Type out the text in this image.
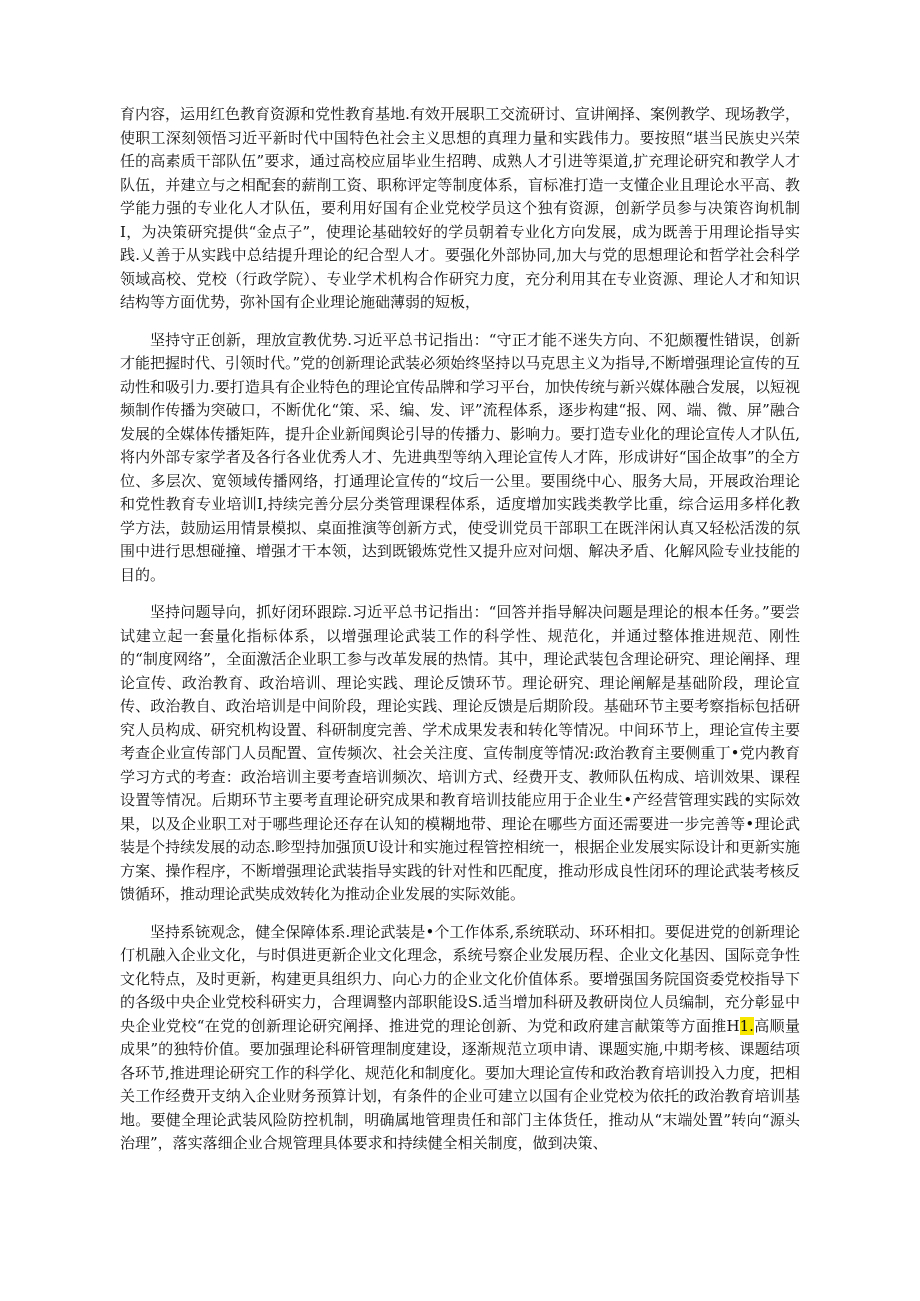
育内容，运用红色教育资源和党性教育基地.有效开展职工交流研讨、宣讲阐择、案例教学、现场教学，使职工深刻领悟习近平新时代中国特色社会主义思想的真理力量和实践伟力。要按照“堪当民族史兴荣任的高素质干部队伍”要求，通过高校应届毕业生招聘、成熟人才引进等渠道,扩充理论研究和教学人才队伍，并建立与之相配套的薪削工资、职称评定等制度体系，盲标准打造一支懂企业且理论水平高、教学能力强的专业化人才队伍，要利用好国有企业党校学员这个独有资源，创新学员参与决策咨询机制I，为决策研究提供“金点子”，使理论基础较好的学员朝着专业化方向发展，成为既善于用理论指导实践.乂善于从实践中总结提升理论的纪合型人才。要强化外部协同,加大与党的思想理论和哲学社会科学领域高校、党校（行政学院）、专业学术机构合作研究力度，充分利用其在专业资源、理论人才和知识结构等方面优势，弥补国有企业理论施础薄弱的短板，

坚持守正创新，理放宣教优势.习近平总书记指出：“守正才能不迷失方向、不犯颇覆性错误，创新才能把握时代、引领时代。”党的创新理论武装必须始终坚持以马克思主义为指导,不断增强理论宣传的互动性和吸引力.要打造具有企业特色的理论宜传品牌和学习平台，加快传统与新兴媒体融合发展，以短视频制作传播为突破口，不断优化“策、采、编、发、评”流程体系，逐步构建“报、网、端、微、屏”融合发展的全媒体传播矩阵，提升企业新闻舆论引导的传播力、影响力。要打造专业化的理论宣传人才队伍,将内外部专家学者及各行各业优秀人才、先进典型等纳入理论宣传人才阵，形成讲好“国企故事”的全方位、多层次、宽领域传播网络，打通理论宣传的“坟后一公里。要围绕中心、服务大局，开展政治理论和党性教育专业培训I,持续完善分层分类管理课程体系，适度增加实践类教学比重，综合运用多样化教学方法，鼓励运用情景模拟、桌面推演等创新方式，使受训党员干部职工在既泮闲认真又轻松活泼的氛围中进行思想碰撞、增强才干本领，达到既锻炼党性又提升应对问烟、解决矛盾、化解风险专业技能的目的。

坚持问题导向，抓好闭环跟踪.习近平总书记指出：“回答并指导解决问题是理论的根本任务。”要尝试建立起一套量化指标体系，以增强理论武装工作的科学性、规范化，并通过整体推进规范、刚性的“制度网络”，全面激活企业职工参与改革发展的热情。其中，理论武装包含理论研究、理论阐择、理论宣传、政治教育、政治培训、理论实践、理论反馈环节。理论研究、理论阐解是基础阶段，理论宣传、政治教自、政治培训是中间阶段，理论实践、理论反馈是后期阶段。基础环节主要考察指标包括研究人员构成、研究机构设置、科研制度完善、学术成果发表和转化等情况。中间环节上，理论宣传主要考查企业宣传部门人员配置、宣传频次、社会关注度、宣传制度等情况:政治教育主要侧重丁•党内教育学习方式的考查：政治培训主要考查培训频次、培训方式、经费开支、教师队伍构成、培训效果、课程设置等情况。后期环节主要考直理论研究成果和教育培训技能应用于企业生•产经营管理实践的实际效果，以及企业职工对于哪些理论还存在认知的模糊地带、理论在哪些方面还需要进一步完善等•理论武装是个持续发展的动态.畛型持加强顶U设计和实施过程管控相统一，根据企业发展实际设计和更新实施方案、操作程序，不断增强理论武装指导实践的针对性和匹配度，推动形成良性闭环的理论武装考核反馈循环，推动理论武奘成效转化为推动企业发展的实际效能。

坚持系铳观念，健全保障体系.理论武装是•个工作体系,系统联动、环环相扣。要促进党的创新理论仃机融入企业文化，与时俱进更新企业文化理念，系统号察企业发展历程、企业文化基因、国际竞争性文化特点，及时更新，构建更具组织力、向心力的企业文化价值体系。要增强国务院国资委党校指导下的各级中央企业党校科研实力，合理调整内部职能设S.适当增加科研及教研岗位人员编制，充分彰显中央企业党校“在党的创新理论研究阐择、推进党的理论创新、为党和政府建言献策等方面推H1.高顺量成果”的独特价值。要加强理论科研管理制度建设，逐渐规范立项申请、课题实施,中期考核、课题结项各环节,推进理论研究工作的科学化、规范化和制度化。要加大理论宣传和政治教育培训投入力度，把相关工作经费开支纳入企业财务预算计划，有条件的企业可建立以国有企业党校为依托的政治教育培训基地。要健全理论武装风险防控机制，明确属地管理贵任和部门主体货任，推动从“末端处置”转向“源头治理”，落实落细企业合规管理具体要求和持续健全相关制度，做到决策、
